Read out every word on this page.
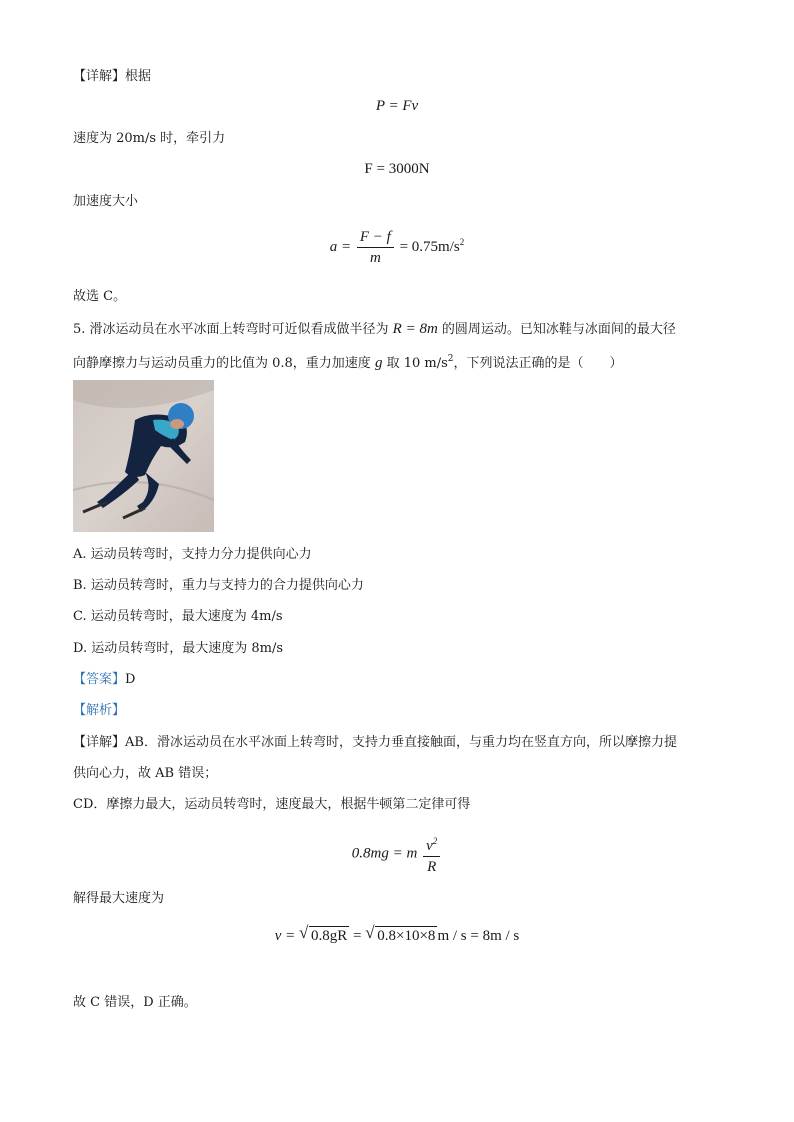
【详解】根据
P = Fv
速度为 20m/s 时，牵引力
F = 3000N
加速度大小
$a = \frac{F - f}{m} = 0.75m/s^2$
故选 C。
5. 滑冰运动员在水平冰面上转弯时可近似看成做半径为 R = 8m 的圆周运动。已知冰鞋与冰面间的最大径
向静摩擦力与运动员重力的比值为 0.8，重力加速度 g 取 10 $m/s^2$，下列说法正确的是（　　）
A. 运动员转弯时，支持力分力提供向心力
B. 运动员转弯时，重力与支持力的合力提供向心力
C. 运动员转弯时，最大速度为 4m/s
D. 运动员转弯时，最大速度为 8m/s
【答案】D
【解析】
【详解】AB．滑冰运动员在水平冰面上转弯时，支持力垂直接触面，与重力均在竖直方向，所以摩擦力提
供向心力，故 AB 错误；
CD．摩擦力最大，运动员转弯时，速度最大，根据牛顿第二定律可得
0.8mg = m $\frac{v^2}{R}$
解得最大速度为
v = √ 0.8gR = √ 0.8×10×8 m / s = 8m / s
故 C 错误，D 正确。
